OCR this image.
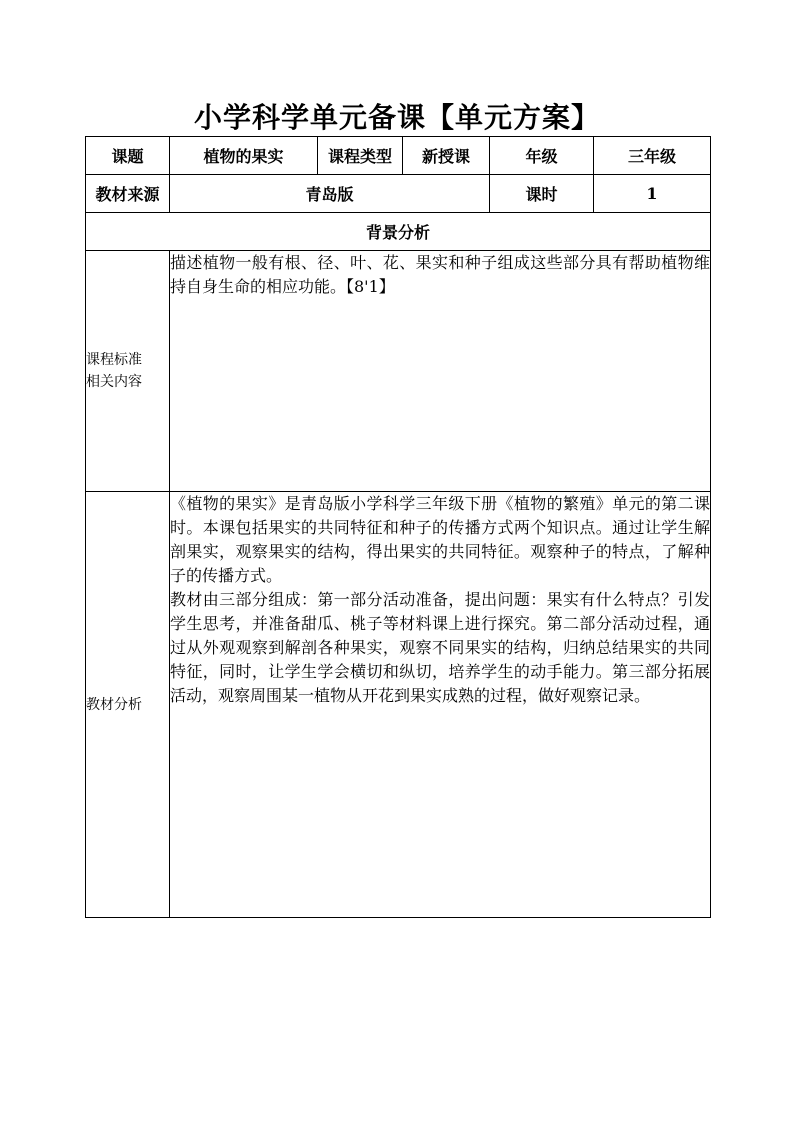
小学科学单元备课【单元方案】
课题	植物的果实	课程类型	新授课	年级	三年级
教材来源	青岛版			课时	1
背景分析					

课程标准
相关内容	描述植物一般有根、径、叶、花、果实和种子组成这些部分具有帮助植物维持自身生命的相应功能。【8'1】				

教材分析	《植物的果实》是青岛版小学科学三年级下册《植物的繁殖》单元的第二课时。本课包括果实的共同特征和种子的传播方式两个知识点。通过让学生解剖果实，观察果实的结构，得出果实的共同特征。观察种子的特点，了解种子的传播方式。

教材由三部分组成：第一部分活动准备，提出问题：果实有什么特点？引发学生思考，并准备甜瓜、桃子等材料课上进行探究。第二部分活动过程，通过从外观观察到解剖各种果实，观察不同果实的结构，归纳总结果实的共同特征，同时，让学生学会横切和纵切，培养学生的动手能力。第三部分拓展活动，观察周围某一植物从开花到果实成熟的过程，做好观察记录。				
